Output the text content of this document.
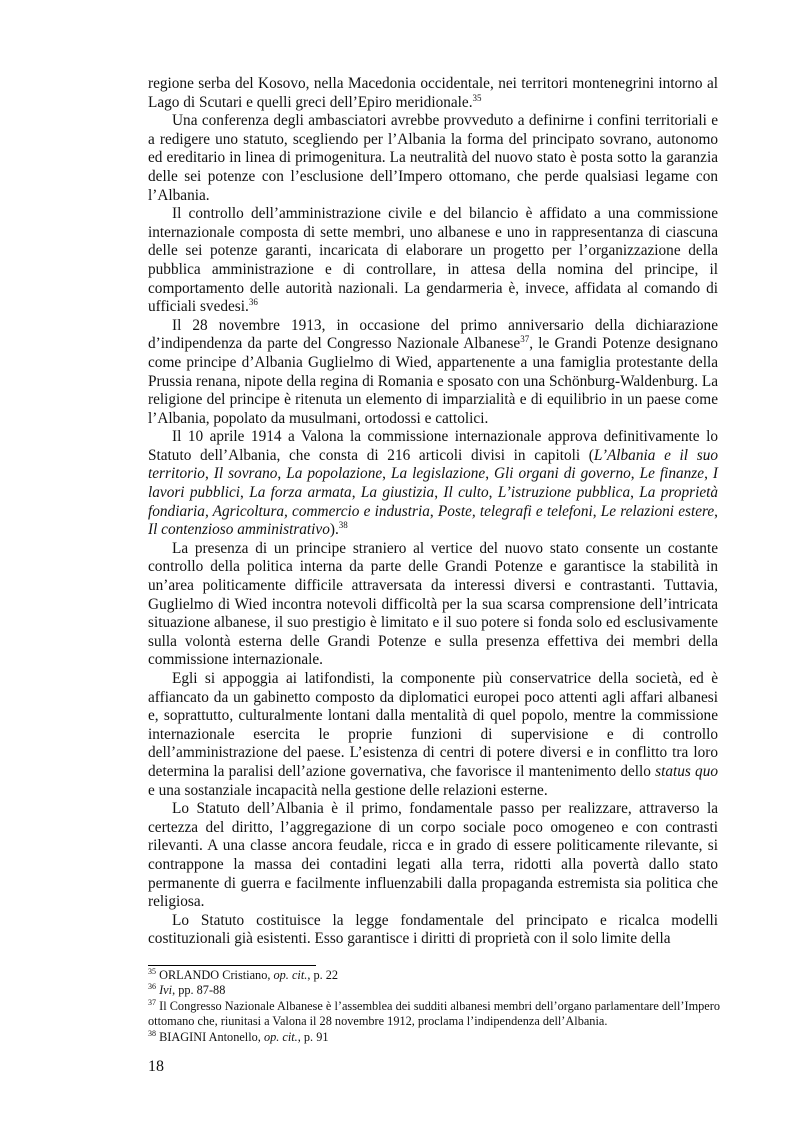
regione serba del Kosovo, nella Macedonia occidentale, nei territori montenegrini intorno al Lago di Scutari e quelli greci dell’Epiro meridionale.$^{35}$

Una conferenza degli ambasciatori avrebbe provveduto a definirne i confini territoriali e a redigere uno statuto, scegliendo per l’Albania la forma del principato sovrano, autonomo ed ereditario in linea di primogenitura. La neutralità del nuovo stato è posta sotto la garanzia delle sei potenze con l’esclusione dell’Impero ottomano, che perde qualsiasi legame con l’Albania.

Il controllo dell’amministrazione civile e del bilancio è affidato a una commissione internazionale composta di sette membri, uno albanese e uno in rappresentanza di ciascuna delle sei potenze garanti, incaricata di elaborare un progetto per l’organizzazione della pubblica amministrazione e di controllare, in attesa della nomina del principe, il comportamento delle autorità nazionali. La gendarmeria è, invece, affidata al comando di ufficiali svedesi.$^{36}$

Il 28 novembre 1913, in occasione del primo anniversario della dichiarazione d’indipendenza da parte del Congresso Nazionale Albanese$^{37}$, le Grandi Potenze designano come principe d’Albania Guglielmo di Wied, appartenente a una famiglia protestante della Prussia renana, nipote della regina di Romania e sposato con una Schönburg-Waldenburg. La religione del principe è ritenuta un elemento di imparzialità e di equilibrio in un paese come l’Albania, popolato da musulmani, ortodossi e cattolici.

Il 10 aprile 1914 a Valona la commissione internazionale approva definitivamente lo Statuto dell’Albania, che consta di 216 articoli divisi in capitoli (L’Albania e il suo territorio, Il sovrano, La popolazione, La legislazione, Gli organi di governo, Le finanze, I lavori pubblici, La forza armata, La giustizia, Il culto, L’istruzione pubblica, La proprietà fondiaria, Agricoltura, commercio e industria, Poste, telegrafi e telefoni, Le relazioni estere, Il contenzioso amministrativo).$^{38}$

La presenza di un principe straniero al vertice del nuovo stato consente un costante controllo della politica interna da parte delle Grandi Potenze e garantisce la stabilità in un’area politicamente difficile attraversata da interessi diversi e contrastanti. Tuttavia, Guglielmo di Wied incontra notevoli difficoltà per la sua scarsa comprensione dell’intricata situazione albanese, il suo prestigio è limitato e il suo potere si fonda solo ed esclusivamente sulla volontà esterna delle Grandi Potenze e sulla presenza effettiva dei membri della commissione internazionale.

Egli si appoggia ai latifondisti, la componente più conservatrice della società, ed è affiancato da un gabinetto composto da diplomatici europei poco attenti agli affari albanesi e, soprattutto, culturalmente lontani dalla mentalità di quel popolo, mentre la commissione internazionale esercita le proprie funzioni di supervisione e di controllo dell’amministrazione del paese. L’esistenza di centri di potere diversi e in conflitto tra loro determina la paralisi dell’azione governativa, che favorisce il mantenimento dello status quo e una sostanziale incapacità nella gestione delle relazioni esterne.

Lo Statuto dell’Albania è il primo, fondamentale passo per realizzare, attraverso la certezza del diritto, l’aggregazione di un corpo sociale poco omogeneo e con contrasti rilevanti. A una classe ancora feudale, ricca e in grado di essere politicamente rilevante, si contrappone la massa dei contadini legati alla terra, ridotti alla povertà dallo stato permanente di guerra e facilmente influenzabili dalla propaganda estremista sia politica che religiosa.

Lo Statuto costituisce la legge fondamentale del principato e ricalca modelli costituzionali già esistenti. Esso garantisce i diritti di proprietà con il solo limite della

$^{35}$ ORLANDO Cristiano, op. cit., p. 22

$^{36}$ Ivi, pp. 87-88

$^{37}$ Il Congresso Nazionale Albanese è l’assemblea dei sudditi albanesi membri dell’organo parlamentare dell’Impero ottomano che, riunitasi a Valona il 28 novembre 1912, proclama l’indipendenza dell’Albania.

$^{38}$ BIAGINI Antonello, op. cit., p. 91

18
